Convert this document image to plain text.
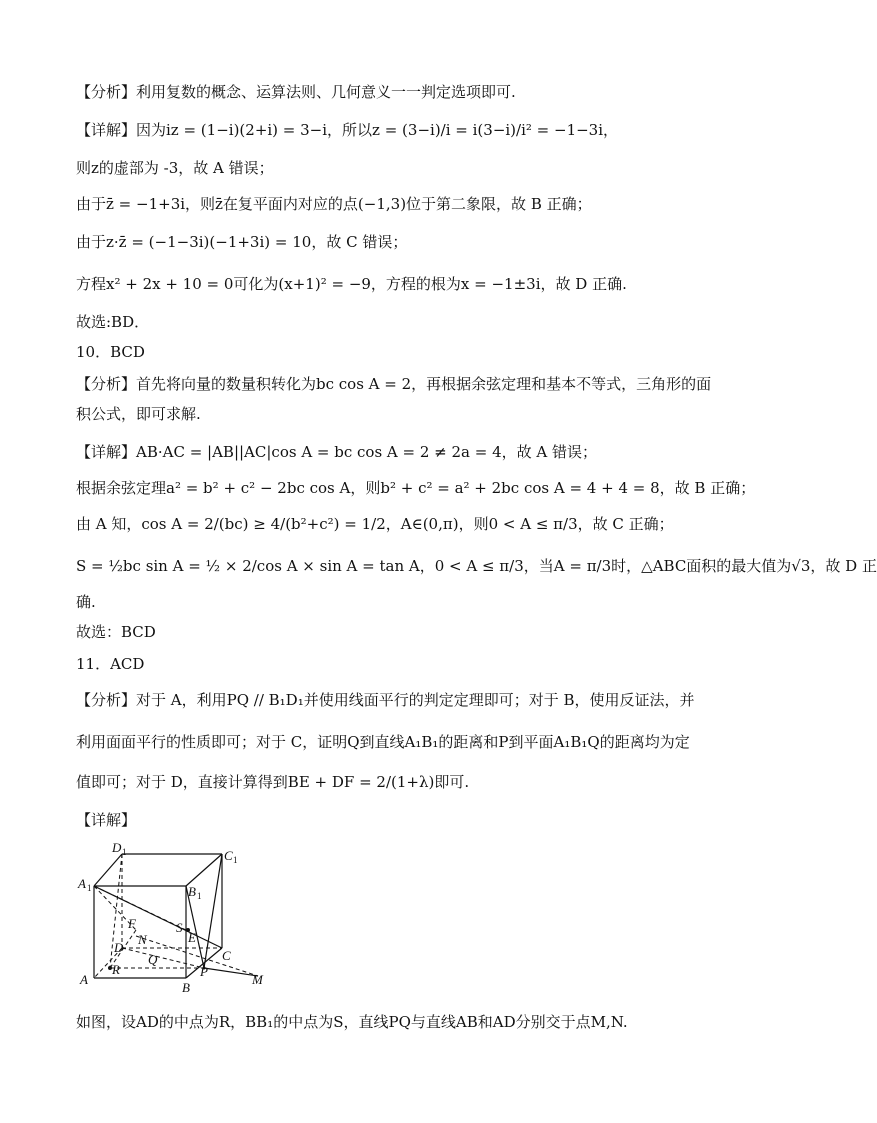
【分析】利用复数的概念、运算法则、几何意义一一判定选项即可.
【详解】因为iz = (1−i)(2+i) = 3−i，所以z = (3−i)/i = i(3−i)/i² = −1−3i，
则z的虚部为 -3，故 A 错误；
由于z̄ = −1+3i，则z̄在复平面内对应的点(−1,3)位于第二象限，故 B 正确；
由于z·z̄ = (−1−3i)(−1+3i) = 10，故 C 错误；
方程x² + 2x + 10 = 0可化为(x+1)² = −9，方程的根为x = −1±3i，故 D 正确.
故选:BD．
10．BCD
【分析】首先将向量的数量积转化为bc cos A = 2，再根据余弦定理和基本不等式，三角形的面
积公式，即可求解.
【详解】AB·AC = |AB||AC|cos A = bc cos A = 2 ≠ 2a = 4，故 A 错误；
根据余弦定理a² = b² + c² − 2bc cos A，则b² + c² = a² + 2bc cos A = 4 + 4 = 8，故 B 正确；
由 A 知，cos A = 2/(bc) ≥ 4/(b²+c²) = 1/2，A∈(0,π)，则0 < A ≤ π/3，故 C 正确；
S = ½bc sin A = ½ × 2/cos A × sin A = tan A，0 < A ≤ π/3，当A = π/3时，△ABC面积的最大值为√3，故 D 正
确.
故选：BCD
11．ACD
【分析】对于 A，利用PQ // B₁D₁并使用线面平行的判定定理即可；对于 B，使用反证法，并
利用面面平行的性质即可；对于 C，证明Q到直线A₁B₁的距离和P到平面A₁B₁Q的距离均为定
值即可；对于 D，直接计算得到BE + DF = 2/(1+λ)即可.
【详解】
D 1	C 1
A 1	B 1
F	S
E
D
N
Q	C
R	P
A
B
M
如图，设AD的中点为R，BB₁的中点为S，直线PQ与直线AB和AD分别交于点M,N.
